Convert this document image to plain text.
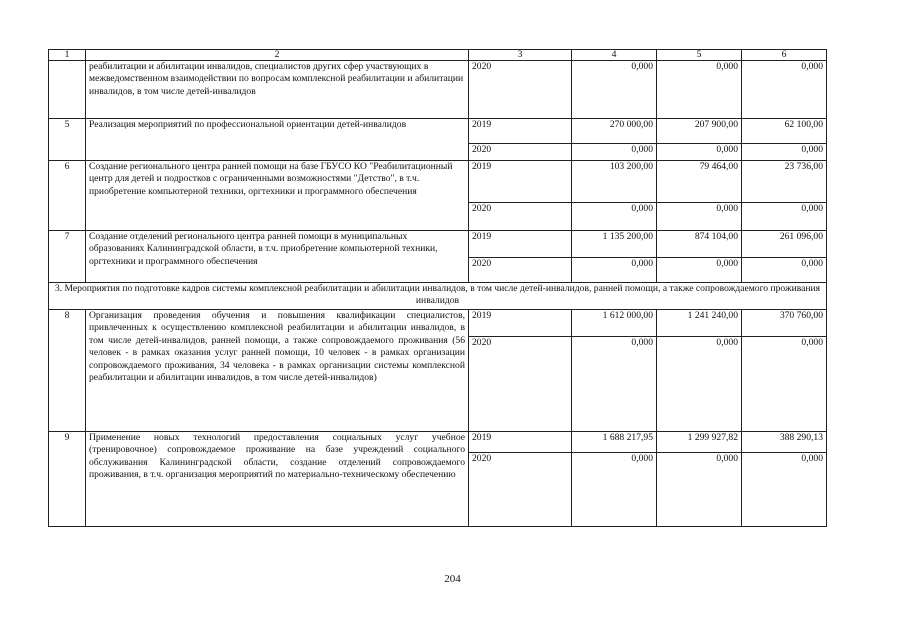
1	2	3	4	5	6
	реабилитации и абилитации инвалидов, специалистов других сфер участвующих в межведомственном взаимодействии по вопросам комплексной реабилитации и абилитации инвалидов, в том числе детей-инвалидов	2020	0,000	0,000	0,000
5	Реализация мероприятий по профессиональной ориентации детей-инвалидов	2019	270 000,00	207 900,00	62 100,00
		2020	0,000	0,000	0,000
6	Создание регионального центра ранней помощи на базе ГБУСО КО "Реабилитационный центр для детей и подростков с ограниченными возможностями "Детство", в т.ч. приобретение компьютерной техники, оргтехники и программного обеспечения	2019	103 200,00	79 464,00	23 736,00
		2020	0,000	0,000	0,000
7	Создание отделений регионального центра ранней помощи в муниципальных образованиях Калининградской области, в т.ч. приобретение компьютерной техники, оргтехники и программного обеспечения	2019	1 135 200,00	874 104,00	261 096,00
		2020	0,000	0,000	0,000
3. Мероприятия по подготовке кадров системы комплексной реабилитации и абилитации инвалидов, в том числе детей-инвалидов, ранней помощи, а также сопровождаемого проживания инвалидов					
8	Организация проведения обучения и повышения квалификации специалистов, привлеченных к осуществлению комплексной реабилитации и абилитации инвалидов, в том числе детей-инвалидов, ранней помощи, а также сопровождаемого проживания (56 человек - в рамках оказания услуг ранней помощи, 10 человек - в рамках организации сопровождаемого проживания, 34 человека - в рамках организации системы комплексной реабилитации и абилитации инвалидов, в том числе детей-инвалидов)	2019	1 612 000,00	1 241 240,00	370 760,00
		2020	0,000	0,000	0,000
9	Применение новых технологий предоставления социальных услуг учебное (тренировочное) сопровождаемое проживание на базе учреждений социального обслуживания Калининградской области, создание отделений сопровождаемого проживания, в т.ч. организация мероприятий по материально-техническому обеспечению	2019	1 688 217,95	1 299 927,82	388 290,13
		2020	0,000	0,000	0,000
204
